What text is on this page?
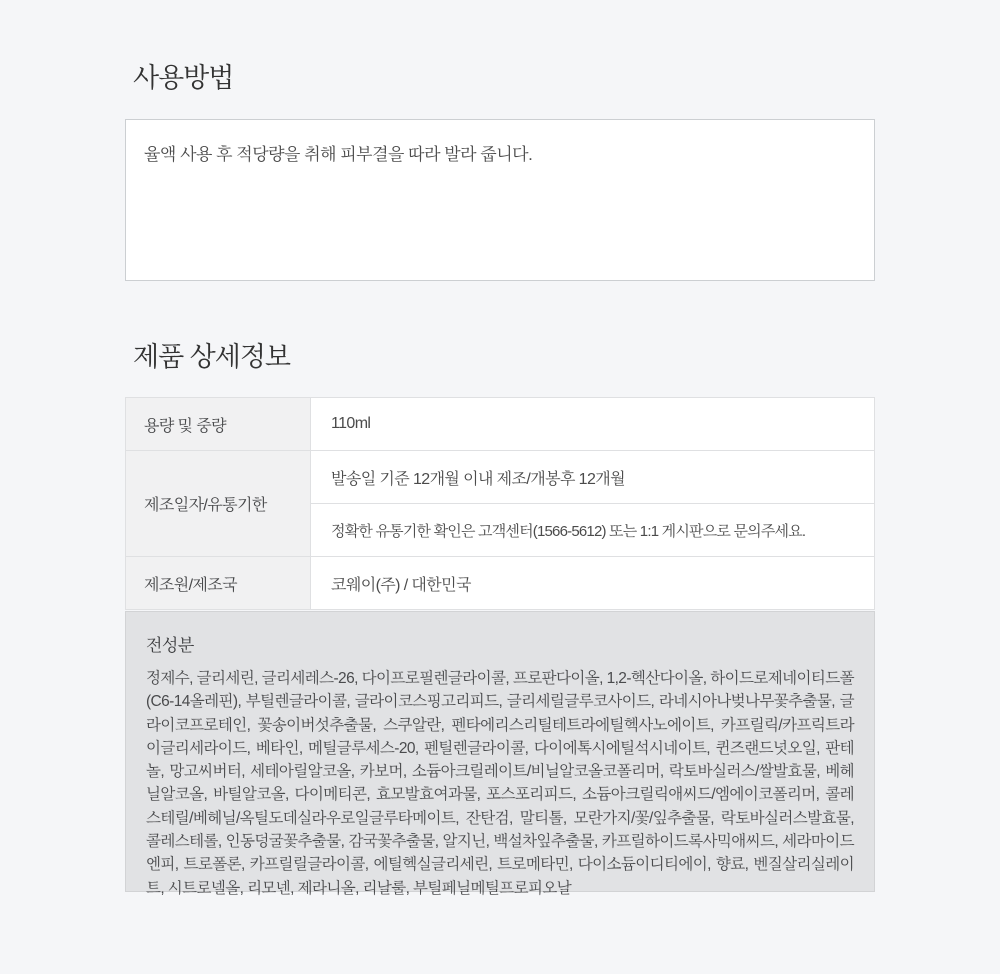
사용방법

율액 사용 후 적당량을 취해 피부결을 따라 발라 줍니다.

제품 상세정보
용량 및 중량	110ml
제조일자/유통기한	발송일 기준 12개월 이내 제조/개봉후 12개월
	정확한 유통기한 확인은 고객센터(1566-5612) 또는 1:1 게시판으로 문의주세요.
제조원/제조국	코웨이(주) / 대한민국
전성분

정제수, 글리세린, 글리세레스-26, 다이프로필렌글라이콜, 프로판다이올, 1,2-헥산다이올, 하이드로제네이티드폴(C6-14올레핀), 부틸렌글라이콜, 글라이코스핑고리피드, 글리세릴글루코사이드, 라네시아나벚나무꽃추출물, 글라이코프로테인, 꽃송이버섯추출물, 스쿠알란, 펜타에리스리틸테트라에틸헥사노에이트, 카프릴릭/카프릭트라이글리세라이드, 베타인, 메틸글루세스-20, 펜틸렌글라이콜, 다이에톡시에틸석시네이트, 퀸즈랜드넛오일, 판테놀, 망고씨버터, 세테아릴알코올, 카보머, 소듐아크릴레이트/비닐알코올코폴리머, 락토바실러스/쌀발효물, 베헤닐알코올, 바틸알코올, 다이메티콘, 효모발효여과물, 포스포리피드, 소듐아크릴릭애씨드/엠에이코폴리머, 콜레스테릴/베헤닐/옥틸도데실라우로일글루타메이트, 잔탄검, 말티톨, 모란가지/꽃/잎추출물, 락토바실러스발효물, 콜레스테롤, 인동덩굴꽃추출물, 감국꽃추출물, 알지닌, 백설차잎추출물, 카프릴하이드록사믹애씨드, 세라마이드엔피, 트로폴론, 카프릴릴글라이콜, 에틸헥실글리세린, 트로메타민, 다이소듐이디티에이, 향료, 벤질살리실레이트, 시트로넬올, 리모넨, 제라니올, 리날룰, 부틸페닐메틸프로피오날
